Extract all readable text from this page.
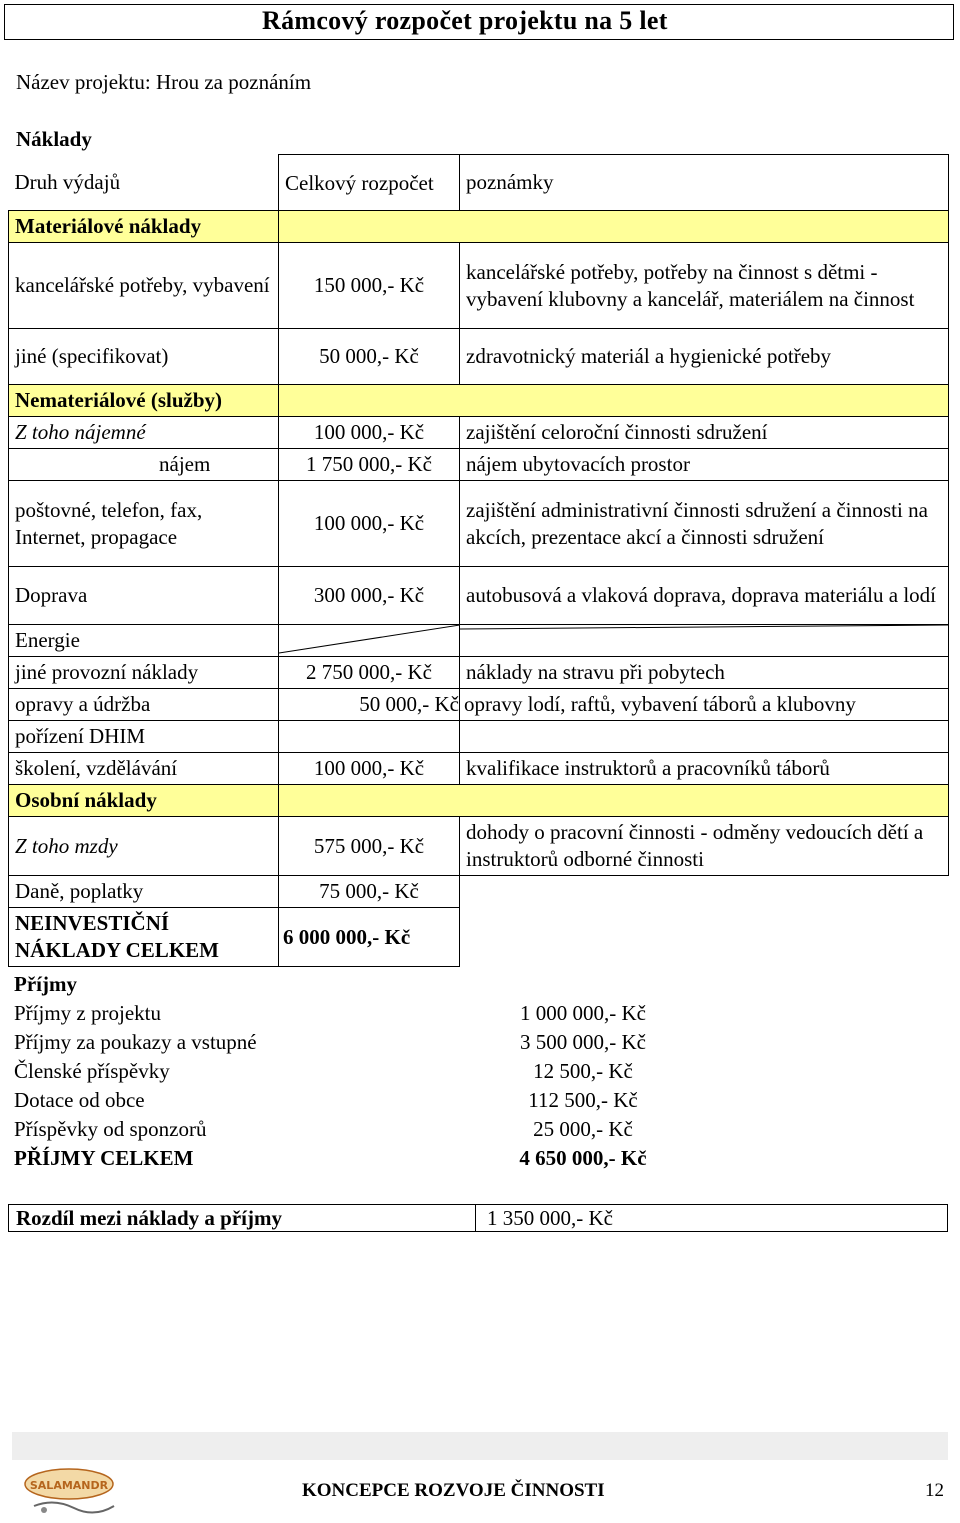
Rámcový rozpočet projektu na 5 let
Název projektu: Hrou za poznáním
Náklady
Druh výdajů	Celkový rozpočet	poznámky
Materiálové náklady		
kancelářské potřeby, vybavení	150 000,- Kč	kancelářské potřeby, potřeby na činnost s dětmi - vybavení klubovny a kancelář, materiálem na činnost
jiné (specifikovat)	50 000,- Kč	zdravotnický materiál a hygienické potřeby
Nemateriálové (služby)		
Z toho nájemné	100 000,- Kč	zajištění celoroční činnosti sdružení
nájem	1 750 000,- Kč	nájem ubytovacích prostor
poštovné, telefon, fax, Internet, propagace	100 000,- Kč	zajištění administrativní činnosti sdružení a činnosti na akcích, prezentace akcí a činnosti sdružení
Doprava	300 000,- Kč	autobusová a vlaková doprava, doprava materiálu a lodí
Energie	

jiné provozní náklady	2 750 000,- Kč	náklady na stravu při pobytech
opravy a údržba	50 000,- Kč	opravy lodí, raftů, vybavení táborů a klubovny
pořízení DHIM		
školení, vzdělávání	100 000,- Kč	kvalifikace instruktorů a pracovníků táborů
Osobní náklady		
Z toho mzdy	575 000,- Kč	dohody o pracovní činnosti - odměny vedoucích dětí a instruktorů odborné činnosti
Daně, poplatky	75 000,- Kč	
NEINVESTIČNÍ NÁKLADY CELKEM	6 000 000,- Kč	
Příjmy		
Příjmy z projektu	1 000 000,- Kč	
Příjmy za poukazy a vstupné	3 500 000,- Kč	
Členské příspěvky	12 500,- Kč	
Dotace od obce	112 500,- Kč	
Příspěvky od sponzorů	25 000,- Kč	
PŘÍJMY CELKEM	4 650 000,- Kč	
Rozdíl mezi náklady a příjmy	1 350 000,- Kč
SALAMANDR	KONCEPCE ROZVOJE ČINNOSTI	12
